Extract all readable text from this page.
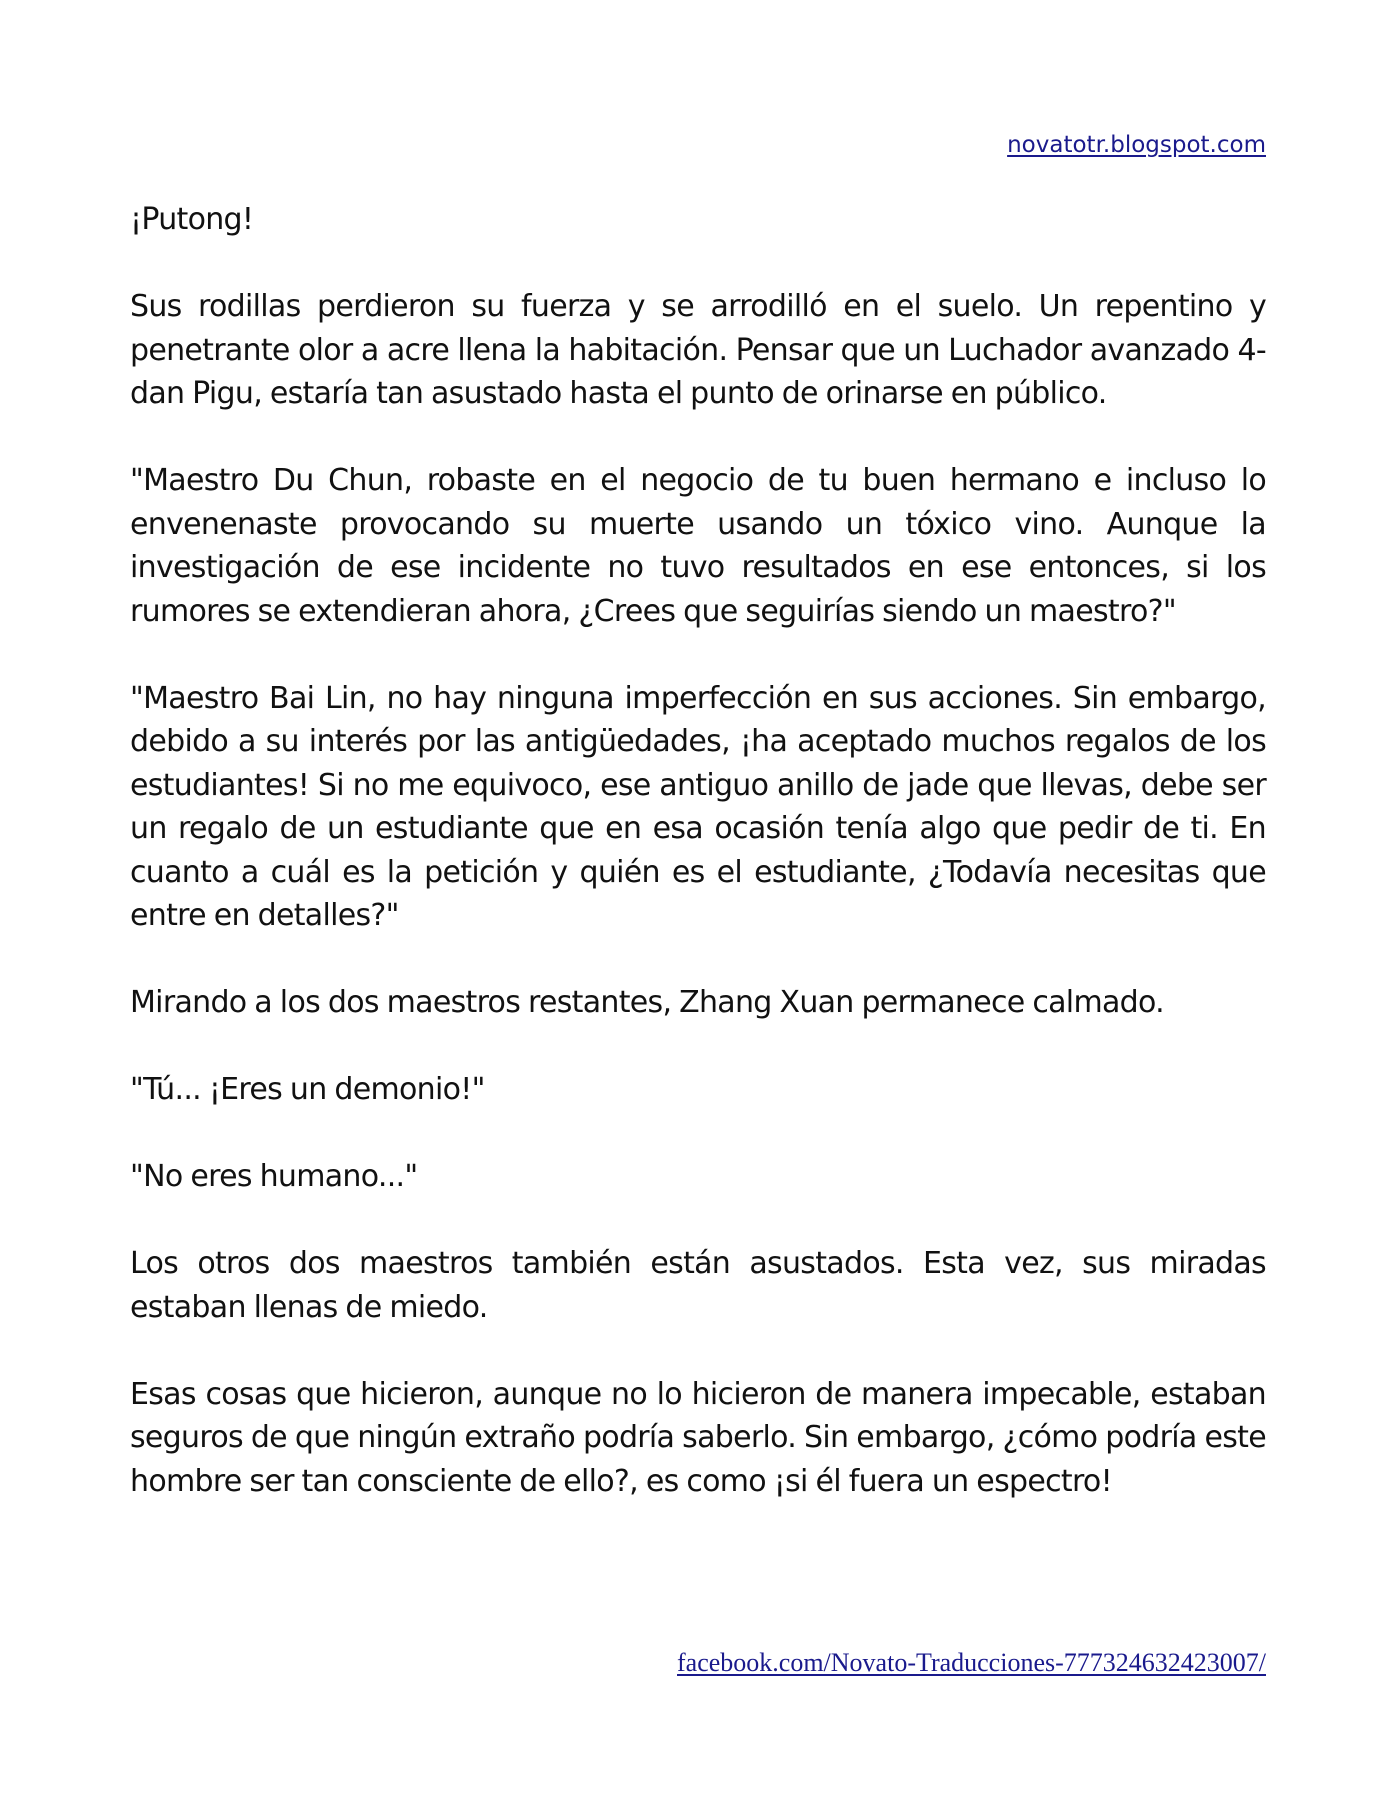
novatotr.blogspot.com

¡Putong!

Sus rodillas perdieron su fuerza y se arrodilló en el suelo. Un repentino y penetrante olor a acre llena la habitación. Pensar que un Luchador avanzado 4-dan Pigu, estaría tan asustado hasta el punto de orinarse en público.

"Maestro Du Chun, robaste en el negocio de tu buen hermano e incluso lo envenenaste provocando su muerte usando un tóxico vino. Aunque la investigación de ese incidente no tuvo resultados en ese entonces, si los rumores se extendieran ahora, ¿Crees que seguirías siendo un maestro?"

"Maestro Bai Lin, no hay ninguna imperfección en sus acciones. Sin embargo, debido a su interés por las antigüedades, ¡ha aceptado muchos regalos de los estudiantes! Si no me equivoco, ese antiguo anillo de jade que llevas, debe ser un regalo de un estudiante que en esa ocasión tenía algo que pedir de ti. En cuanto a cuál es la petición y quién es el estudiante, ¿Todavía necesitas que entre en detalles?"

Mirando a los dos maestros restantes, Zhang Xuan permanece calmado.

"Tú... ¡Eres un demonio!"

"No eres humano..."

Los otros dos maestros también están asustados. Esta vez, sus miradas estaban llenas de miedo.

Esas cosas que hicieron, aunque no lo hicieron de manera impecable, estaban seguros de que ningún extraño podría saberlo. Sin embargo, ¿cómo podría este hombre ser tan consciente de ello?, es como ¡si él fuera un espectro!

facebook.com/Novato-Traducciones-777324632423007/
